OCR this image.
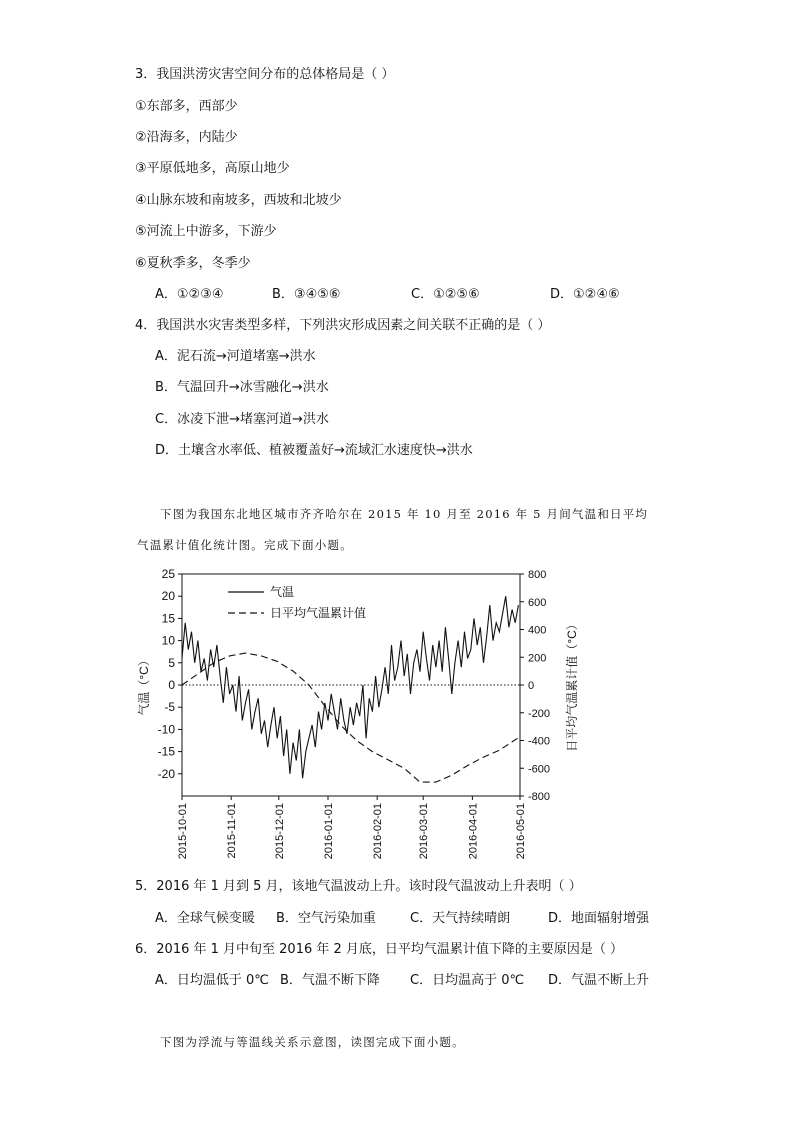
3．我国洪涝灾害空间分布的总体格局是（ ）
①东部多，西部少
②沿海多，内陆少
③平原低地多，高原山地少
④山脉东坡和南坡多，西坡和北坡少
⑤河流上中游多，下游少
⑥夏秋季多，冬季少
A．①②③④	B．③④⑤⑥	C．①②⑤⑥	D．①②④⑥
4．我国洪水灾害类型多样，下列洪灾形成因素之间关联不正确的是（ ）
A．泥石流→河道堵塞→洪水
B．气温回升→冰雪融化→洪水
C．冰凌下泄→堵塞河道→洪水
D．土壤含水率低、植被覆盖好→流域汇水速度快→洪水
下图为我国东北地区城市齐齐哈尔在 2015 年 10 月至 2016 年 5 月间气温和日平均
气温累计值化统计图。完成下面小题。
25
20
15
10
5
0
-5
-10
-15
-20
800
600
400
200
0
-200
-400
-600
-800
2015-10-01	2015-11-01	2015-12-01	2016-01-01	2016-02-01	2016-03-01	2016-04-01	2016-05-01
气温
日平均气温累计值
气温（°C）	日平均气温累计值（°C）
5．2016 年 1 月到 5 月，该地气温波动上升。该时段气温波动上升表明（ ）
A．全球气候变暖 B．空气污染加重	C．天气持续晴朗	D．地面辐射增强
6．2016 年 1 月中旬至 2016 年 2 月底，日平均气温累计值下降的主要原因是（ ）
A．日均温低于 0℃ B．气温不断下降 C．日均温高于 0℃ D．气温不断上升
下图为浮流与等温线关系示意图，读图完成下面小题。
